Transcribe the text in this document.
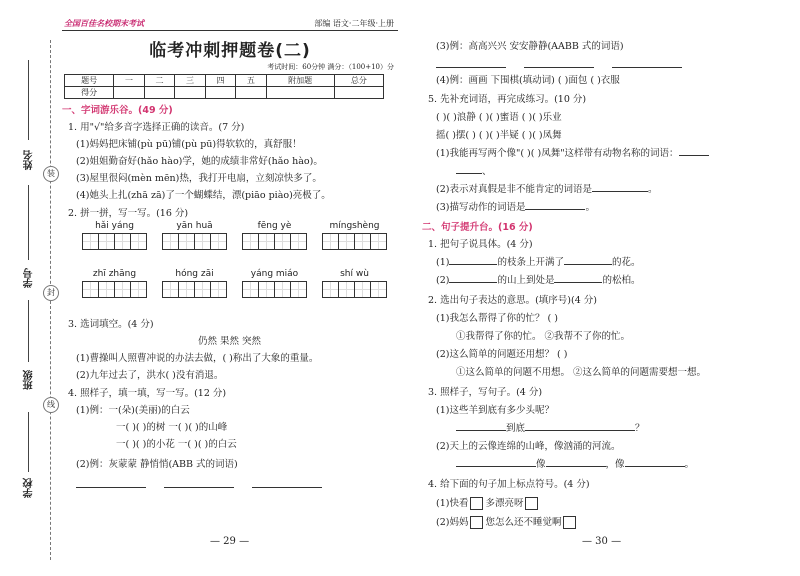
装
封
线
姓名
学号
班级
学校
全国百佳名校期末考试	部编 语文·二年级·上册
临考冲刺押题卷(二)
考试时间：60分钟 满分：（100+10）分
题号	一	二	三	四	五	附加题	总分
得分							
一、字词游乐谷。(49 分)
1. 用"√"给多音字选择正确的读音。(7 分)
(1)妈妈把床铺(pù pū)铺(pù pū)得软软的，真舒服！
(2)姐姐勤奋好(hǎo hào)学，她的成绩非常好(hǎo hào)。
(3)屋里很闷(mèn mēn)热，我打开电扇，立刻凉快多了。
(4)她头上扎(zhā zā)了一个蝴蝶结，漂(piāo piào)亮极了。
2. 拼一拼，写一写。(16 分)
hǎi yáng	yān huā	fēng yè	míngshèng
zhī zhāng	hóng zāi	yáng miáo	shí wù
3. 选词填空。(4 分)
仍然 果然 突然
(1)曹操叫人照曹冲说的办法去做，( )称出了大象的重量。
(2)九年过去了，洪水( )没有消退。
4. 照样子，填一填，写一写。(12 分)
(1)例：一(朵)(美丽)的白云
一( )( )的树 一( )( )的山峰
一( )( )的小花 一( )( )的白云
(2)例：灰蒙蒙 静悄悄(ABB 式的词语)

— 29 —
(3)例：高高兴兴 安安静静(AABB 式的词语)

(4)例：画画 下围棋(填动词) ( )面包 ( )衣服
5. 先补充词语，再完成练习。(10 分)
( )( )浪静 ( )( )蜜语 ( )( )乐业
摇( )摆( ) ( )( )半疑 ( )( )凤舞
(1)我能再写两个像"( )( )凤舞"这样带有动物名称的词语：
、
(2)表示对真假是非不能肯定的词语是	。
(3)描写动作的词语是	。
二、句子提升台。(16 分)
1. 把句子说具体。(4 分)
(1)	的枝条上开满了	的花。
(2)	的山上到处是	的松柏。
2. 选出句子表达的意思。(填序号)(4 分)
(1)我怎么帮得了你的忙？ ( )
①我帮得了你的忙。 ②我帮不了你的忙。
(2)这么简单的问题还用想？ ( )
①这么简单的问题不用想。 ②这么简单的问题需要想一想。
3. 照样子，写句子。(4 分)
(1)这些羊到底有多少头呢？
到底	？
(2)天上的云像连绵的山峰，像汹涌的河流。
像	，像	。
4. 给下面的句子加上标点符号。(4 分)
(1)快看 多漂亮呀
(2)妈妈 您怎么还不睡觉啊
— 30 —
